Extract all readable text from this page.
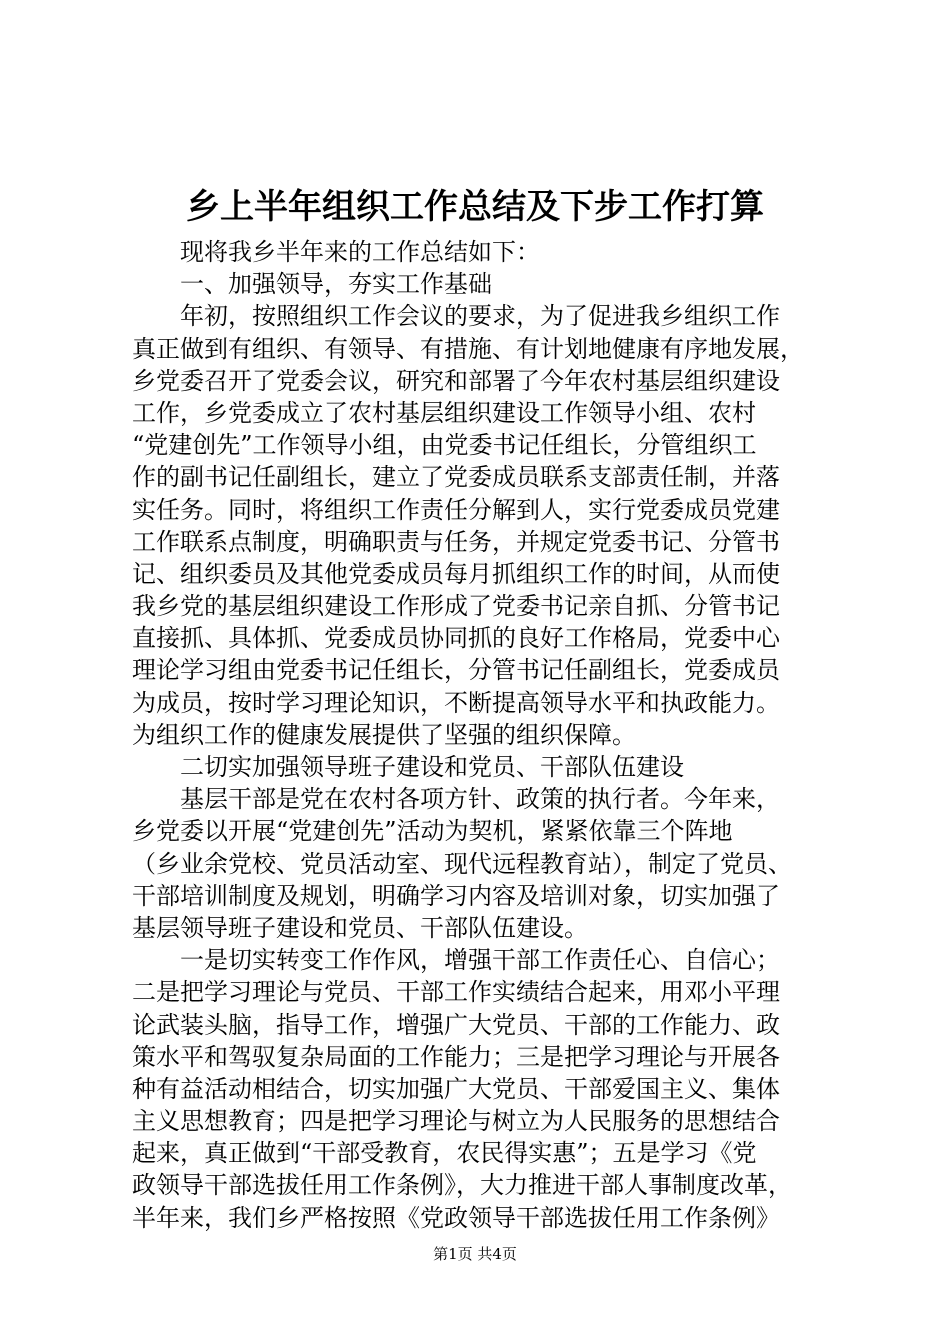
乡上半年组织工作总结及下步工作打算
现将我乡半年来的工作总结如下：
一、加强领导，夯实工作基础
年初，按照组织工作会议的要求，为了促进我乡组织工作
真正做到有组织、有领导、有措施、有计划地健康有序地发展，
乡党委召开了党委会议，研究和部署了今年农村基层组织建设
工作，乡党委成立了农村基层组织建设工作领导小组、农村
“党建创先”工作领导小组，由党委书记任组长，分管组织工
作的副书记任副组长，建立了党委成员联系支部责任制，并落
实任务。同时，将组织工作责任分解到人，实行党委成员党建
工作联系点制度，明确职责与任务，并规定党委书记、分管书
记、组织委员及其他党委成员每月抓组织工作的时间，从而使
我乡党的基层组织建设工作形成了党委书记亲自抓、分管书记
直接抓、具体抓、党委成员协同抓的良好工作格局，党委中心
理论学习组由党委书记任组长，分管书记任副组长，党委成员
为成员，按时学习理论知识，不断提高领导水平和执政能力。
为组织工作的健康发展提供了坚强的组织保障。
二切实加强领导班子建设和党员、干部队伍建设
基层干部是党在农村各项方针、政策的执行者。今年来，
乡党委以开展“党建创先”活动为契机，紧紧依靠三个阵地
（乡业余党校、党员活动室、现代远程教育站），制定了党员、
干部培训制度及规划，明确学习内容及培训对象，切实加强了
基层领导班子建设和党员、干部队伍建设。
一是切实转变工作作风，增强干部工作责任心、自信心；
二是把学习理论与党员、干部工作实绩结合起来，用邓小平理
论武装头脑，指导工作，增强广大党员、干部的工作能力、政
策水平和驾驭复杂局面的工作能力；三是把学习理论与开展各
种有益活动相结合，切实加强广大党员、干部爱国主义、集体
主义思想教育；四是把学习理论与树立为人民服务的思想结合
起来，真正做到“干部受教育，农民得实惠”；五是学习《党
政领导干部选拔任用工作条例》，大力推进干部人事制度改革，
半年来，我们乡严格按照《党政领导干部选拔任用工作条例》
第1页 共4页
